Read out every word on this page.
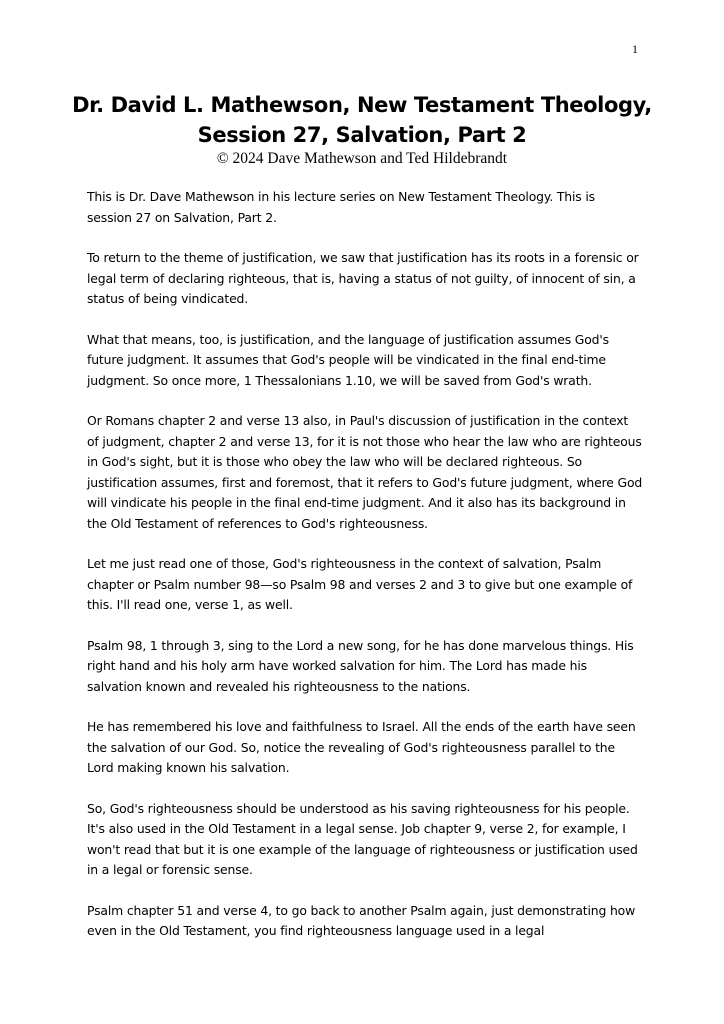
1
Dr. David L. Mathewson, New Testament Theology,
Session 27, Salvation, Part 2

© 2024 Dave Mathewson and Ted Hildebrandt

This is Dr. Dave Mathewson in his lecture series on New Testament Theology. This is session 27 on Salvation, Part 2.

To return to the theme of justification, we saw that justification has its roots in a forensic or legal term of declaring righteous, that is, having a status of not guilty, of innocent of sin, a status of being vindicated.

What that means, too, is justification, and the language of justification assumes God's future judgment. It assumes that God's people will be vindicated in the final end-time judgment. So once more, 1 Thessalonians 1.10, we will be saved from God's wrath.

Or Romans chapter 2 and verse 13 also, in Paul's discussion of justification in the context of judgment, chapter 2 and verse 13, for it is not those who hear the law who are righteous in God's sight, but it is those who obey the law who will be declared righteous. So justification assumes, first and foremost, that it refers to God's future judgment, where God will vindicate his people in the final end-time judgment. And it also has its background in the Old Testament of references to God's righteousness.

Let me just read one of those, God's righteousness in the context of salvation, Psalm chapter or Psalm number 98—so Psalm 98 and verses 2 and 3 to give but one example of this. I'll read one, verse 1, as well.

Psalm 98, 1 through 3, sing to the Lord a new song, for he has done marvelous things. His right hand and his holy arm have worked salvation for him. The Lord has made his salvation known and revealed his righteousness to the nations.

He has remembered his love and faithfulness to Israel. All the ends of the earth have seen the salvation of our God. So, notice the revealing of God's righteousness parallel to the Lord making known his salvation.

So, God's righteousness should be understood as his saving righteousness for his people. It's also used in the Old Testament in a legal sense. Job chapter 9, verse 2, for example, I won't read that but it is one example of the language of righteousness or justification used in a legal or forensic sense.

Psalm chapter 51 and verse 4, to go back to another Psalm again, just demonstrating how even in the Old Testament, you find righteousness language used in a legal
